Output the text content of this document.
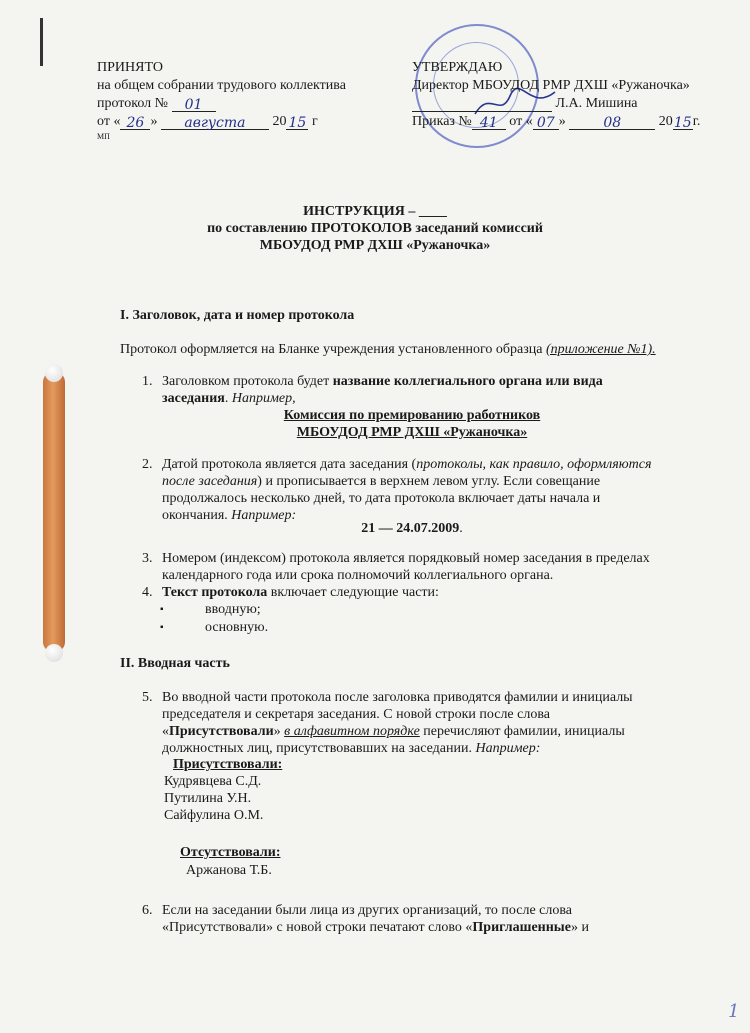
ПРИНЯТО
на общем собрании трудового коллектива
протокол № 01
от « 26 » августа 20 15 г
МП
УТВЕРЖДАЮ
Директор МБОУДОД РМР ДХШ «Ружаночка»
Л.А. Мишина
Приказ № 41 от « 07 » 08	2015г.
ИНСТРУКЦИЯ – ____
по составлению ПРОТОКОЛОВ заседаний комиссий
МБОУДОД РМР ДХШ «Ружаночка»
I. Заголовок, дата и номер протокола
Протокол оформляется на Бланке учреждения установленного образца (приложение №1).
1. Заголовком протокола будет название коллегиального органа или вида
заседания. Например,
Комиссия по премированию работников
МБОУДОД РМР ДХШ «Ружаночка»
2. Датой протокола является дата заседания (протоколы, как правило, оформляются
после заседания) и прописывается в верхнем левом углу. Если совещание
продолжалось несколько дней, то дата протокола включает даты начала и
окончания. Например:
21 — 24.07.2009.
3. Номером (индексом) протокола является порядковый номер заседания в пределах
календарного года или срока полномочий коллегиального органа.
4. Текст протокола включает следующие части:
▪	вводную;
▪	основную.
II. Вводная часть
5. Во вводной части протокола после заголовка приводятся фамилии и инициалы
председателя и секретаря заседания. С новой строки после слова
«Присутствовали» в алфавитном порядке перечисляют фамилии, инициалы
должностных лиц, присутствовавших на заседании. Например:
Присутствовали:
Кудрявцева С.Д.
Путилина У.Н.
Сайфулина О.М.
Отсутствовали:
Аржанова Т.Б.
6. Если на заседании были лица из других организаций, то после слова
«Присутствовали» с новой строки печатают слово «Приглашенные» и
1
